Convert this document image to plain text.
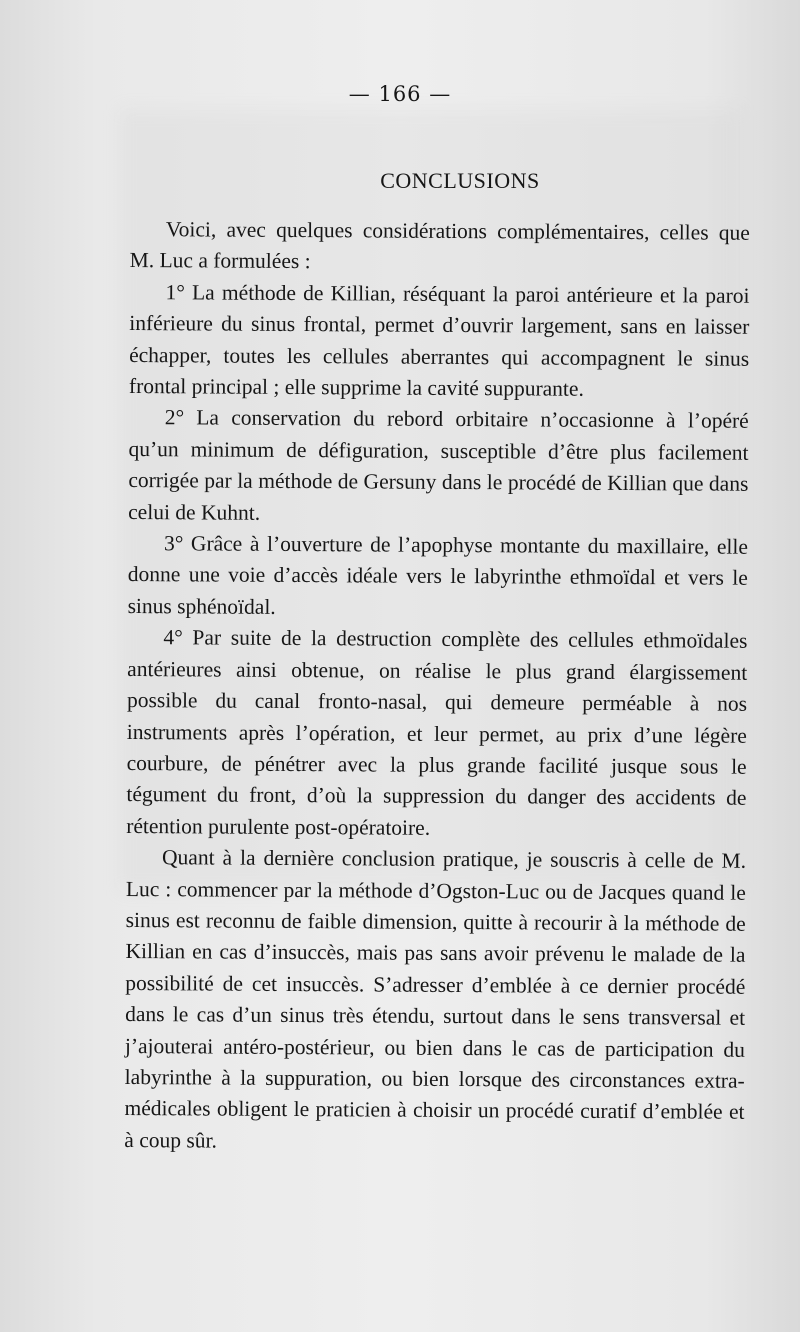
— 166 —
CONCLUSIONS

Voici, avec quelques considérations complémentaires, celles que M. Luc a formulées :

1° La méthode de Killian, réséquant la paroi antérieure et la paroi inférieure du sinus frontal, permet d’ouvrir largement, sans en laisser échapper, toutes les cellules aberrantes qui accompagnent le sinus frontal principal ; elle supprime la cavité suppurante.

2° La conservation du rebord orbitaire n’occasionne à l’opéré qu’un minimum de défiguration, susceptible d’être plus facilement corrigée par la méthode de Gersuny dans le procédé de Killian que dans celui de Kuhnt.

3° Grâce à l’ouverture de l’apophyse montante du maxillaire, elle donne une voie d’accès idéale vers le labyrinthe ethmoïdal et vers le sinus sphénoïdal.

4° Par suite de la destruction complète des cellules ethmoïdales antérieures ainsi obtenue, on réalise le plus grand élargissement possible du canal fronto-nasal, qui demeure perméable à nos instruments après l’opération, et leur permet, au prix d’une légère courbure, de pénétrer avec la plus grande facilité jusque sous le tégument du front, d’où la suppression du danger des accidents de rétention purulente post-opératoire.

Quant à la dernière conclusion pratique, je souscris à celle de M. Luc : commencer par la méthode d’Ogston-Luc ou de Jacques quand le sinus est reconnu de faible dimension, quitte à recourir à la méthode de Killian en cas d’insuccès, mais pas sans avoir prévenu le malade de la possibilité de cet insuccès. S’adresser d’emblée à ce dernier procédé dans le cas d’un sinus très étendu, surtout dans le sens transversal et j’ajouterai antéro-postérieur, ou bien dans le cas de participation du labyrinthe à la suppuration, ou bien lorsque des circonstances extra-médicales obligent le praticien à choisir un procédé curatif d’emblée et à coup sûr.
